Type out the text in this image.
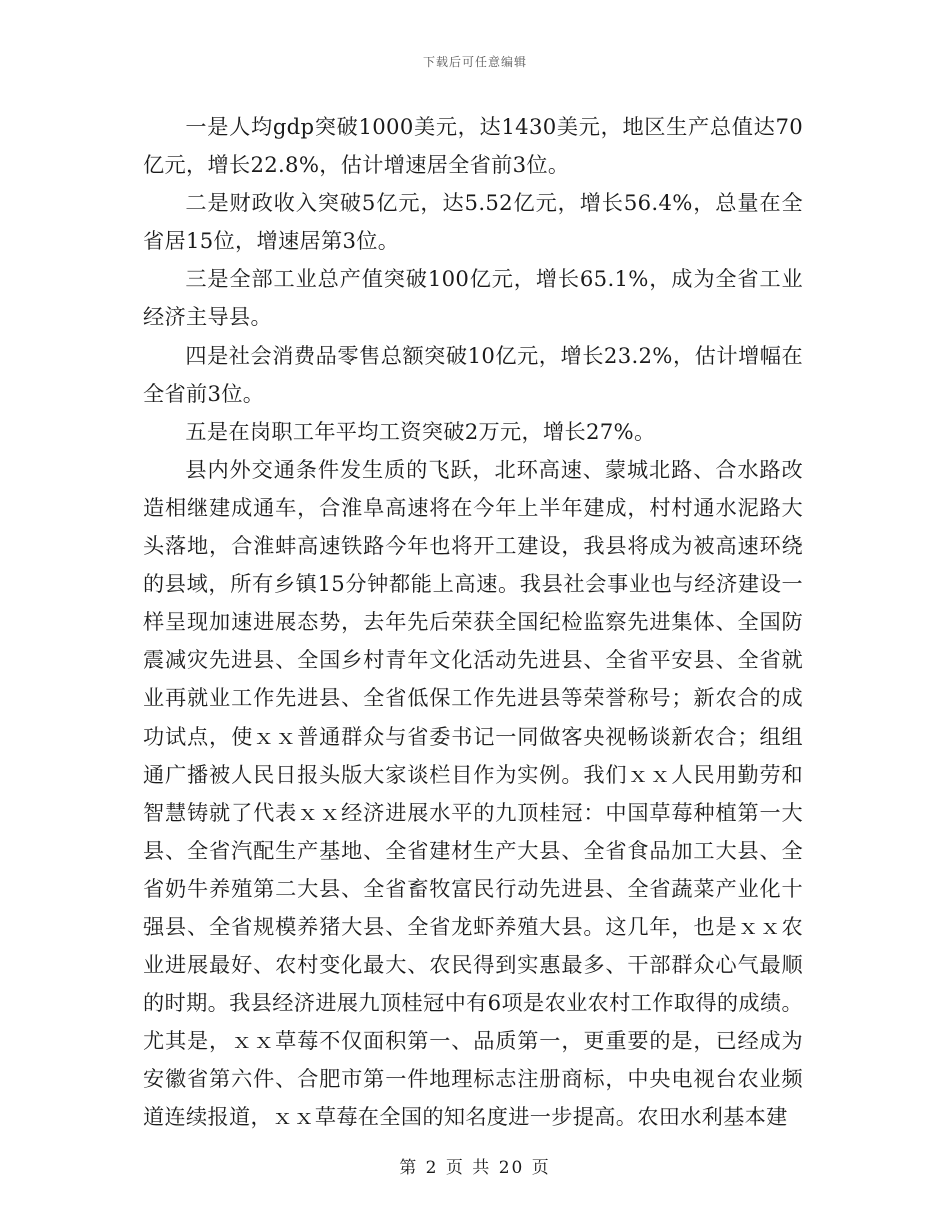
下载后可任意编辑

一是人均gdp突破1000美元，达1430美元，地区生产总值达70亿元，增长22.8%，估计增速居全省前3位。

二是财政收入突破5亿元，达5.52亿元，增长56.4%，总量在全省居15位，增速居第3位。

三是全部工业总产值突破100亿元，增长65.1%，成为全省工业经济主导县。

四是社会消费品零售总额突破10亿元，增长23.2%，估计增幅在全省前3位。

五是在岗职工年平均工资突破2万元，增长27%。

县内外交通条件发生质的飞跃，北环高速、蒙城北路、合水路改造相继建成通车，合淮阜高速将在今年上半年建成，村村通水泥路大头落地，合淮蚌高速铁路今年也将开工建设，我县将成为被高速环绕的县域，所有乡镇15分钟都能上高速。我县社会事业也与经济建设一样呈现加速进展态势，去年先后荣获全国纪检监察先进集体、全国防震减灾先进县、全国乡村青年文化活动先进县、全省平安县、全省就业再就业工作先进县、全省低保工作先进县等荣誉称号；新农合的成功试点，使ｘｘ普通群众与省委书记一同做客央视畅谈新农合；组组通广播被人民日报头版大家谈栏目作为实例。我们ｘｘ人民用勤劳和智慧铸就了代表ｘｘ经济进展水平的九顶桂冠：中国草莓种植第一大县、全省汽配生产基地、全省建材生产大县、全省食品加工大县、全省奶牛养殖第二大县、全省畜牧富民行动先进县、全省蔬菜产业化十强县、全省规模养猪大县、全省龙虾养殖大县。这几年，也是ｘｘ农业进展最好、农村变化最大、农民得到实惠最多、干部群众心气最顺的时期。我县经济进展九顶桂冠中有6项是农业农村工作取得的成绩。尤其是，ｘｘ草莓不仅面积第一、品质第一，更重要的是，已经成为安徽省第六件、合肥市第一件地理标志注册商标，中央电视台农业频道连续报道，ｘｘ草莓在全国的知名度进一步提高。农田水利基本建

第 2 页 共 20 页
